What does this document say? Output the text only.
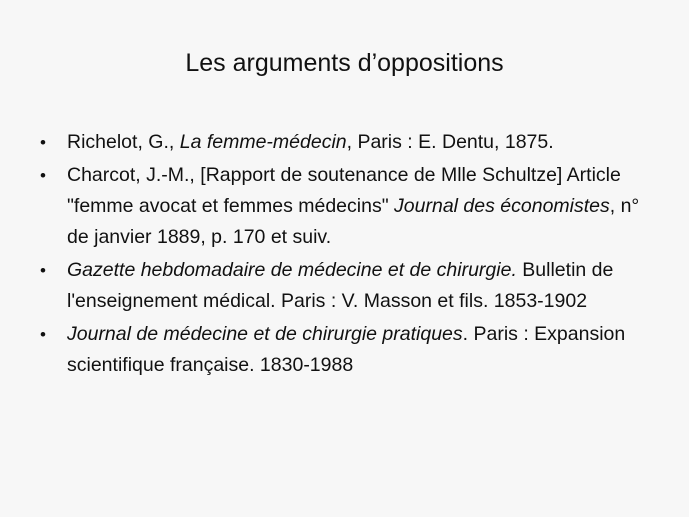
Les arguments d’oppositions
•	Richelot, G., La femme-médecin, Paris : E. Dentu, 1875.
•	Charcot, J.-M., [Rapport de soutenance de Mlle Schultze] Article "femme avocat et femmes médecins" Journal des économistes, n° de janvier 1889, p. 170 et suiv.
•	Gazette hebdomadaire de médecine et de chirurgie. Bulletin de l'enseignement médical. Paris : V. Masson et fils. 1853-1902
•	Journal de médecine et de chirurgie pratiques. Paris : Expansion scientifique française. 1830-1988
